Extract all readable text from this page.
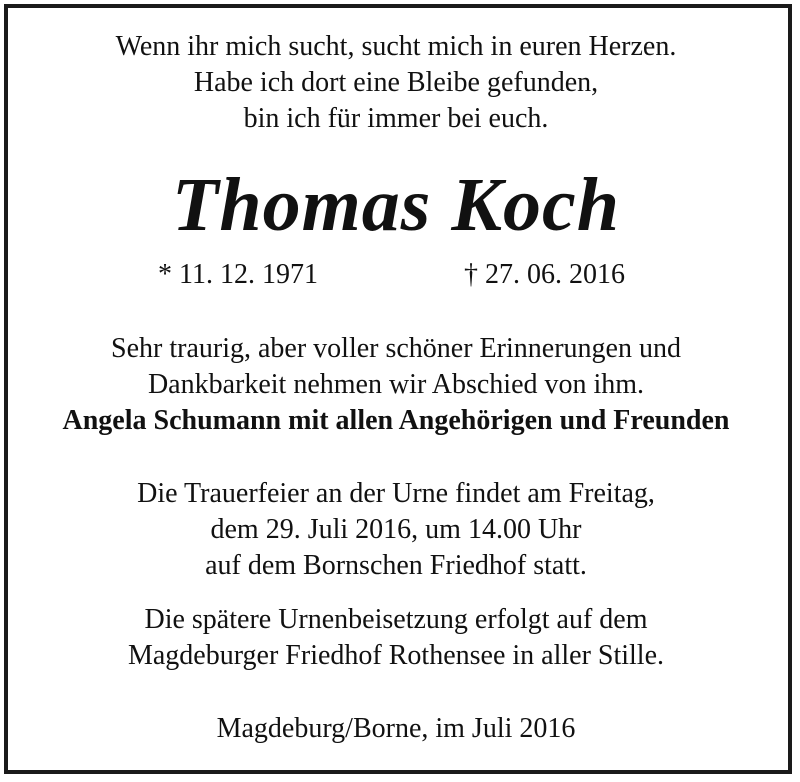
Wenn ihr mich sucht, sucht mich in euren Herzen.
Habe ich dort eine Bleibe gefunden,
bin ich für immer bei euch.
Thomas Koch
* 11. 12. 1971	† 27. 06. 2016
Sehr traurig, aber voller schöner Erinnerungen und
Dankbarkeit nehmen wir Abschied von ihm.
Angela Schumann mit allen Angehörigen und Freunden
Die Trauerfeier an der Urne findet am Freitag,
dem 29. Juli 2016, um 14.00 Uhr
auf dem Bornschen Friedhof statt.
Die spätere Urnenbeisetzung erfolgt auf dem
Magdeburger Friedhof Rothensee in aller Stille.
Magdeburg/Borne, im Juli 2016
